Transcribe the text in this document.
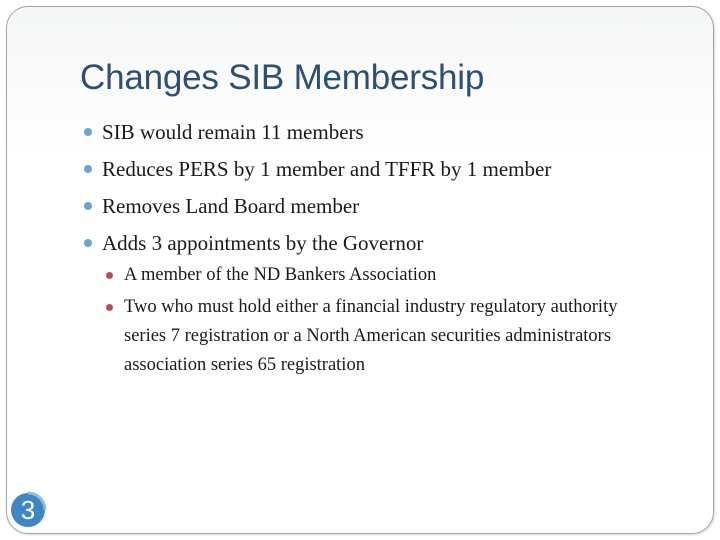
Changes SIB Membership
SIB would remain 11 members
Reduces PERS by 1 member and TFFR by 1 member
Removes Land Board member
Adds 3 appointments by the Governor
A member of the ND Bankers Association
Two who must hold either a financial industry regulatory authority series 7 registration or a North American securities administrators association series 65 registration
3
